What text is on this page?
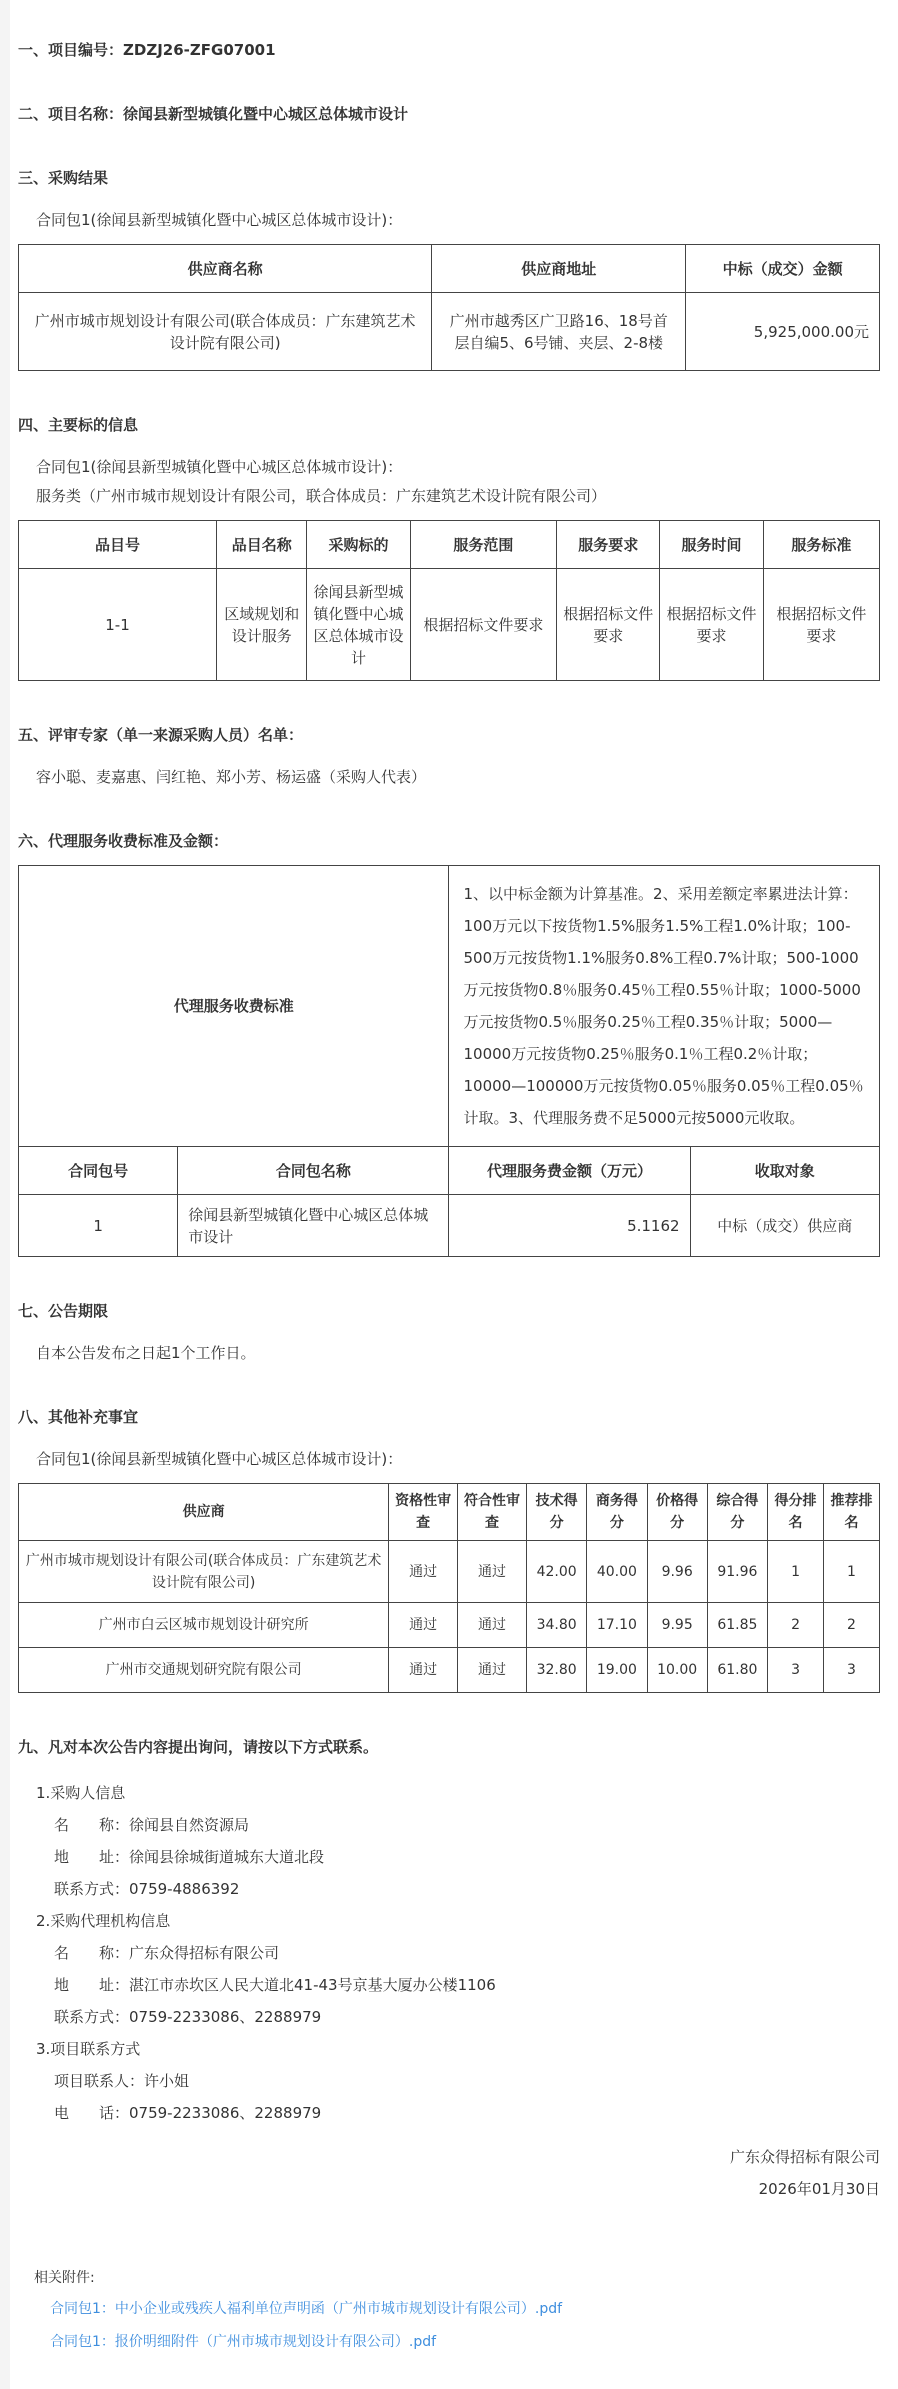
一、项目编号：ZDZJ26-ZFG07001
二、项目名称：徐闻县新型城镇化暨中心城区总体城市设计
三、采购结果
合同包1(徐闻县新型城镇化暨中心城区总体城市设计)：
供应商名称	供应商地址	中标（成交）金额
广州市城市规划设计有限公司(联合体成员：广东建筑艺术设计院有限公司)	广州市越秀区广卫路16、18号首层自编5、6号铺、夹层、2-8楼	5,925,000.00元
四、主要标的信息
合同包1(徐闻县新型城镇化暨中心城区总体城市设计)：
服务类（广州市城市规划设计有限公司，联合体成员：广东建筑艺术设计院有限公司）
品目号	品目名称	采购标的	服务范围	服务要求	服务时间	服务标准
1-1	区域规划和设计服务	徐闻县新型城镇化暨中心城区总体城市设计	根据招标文件要求	根据招标文件要求	根据招标文件要求	根据招标文件要求
五、评审专家（单一来源采购人员）名单：
容小聪、麦嘉惠、闫红艳、郑小芳、杨运盛（采购人代表）
六、代理服务收费标准及金额：
代理服务收费标准		1、以中标金额为计算基准。2、采用差额定率累进法计算：100万元以下按货物1.5%服务1.5%工程1.0%计取；100-500万元按货物1.1%服务0.8%工程0.7%计取；500-1000万元按货物0.8％服务0.45％工程0.55％计取；1000-5000万元按货物0.5％服务0.25％工程0.35％计取；5000—10000万元按货物0.25％服务0.1％工程0.2％计取；10000—100000万元按货物0.05％服务0.05％工程0.05％计取。3、代理服务费不足5000元按5000元收取。	
合同包号	合同包名称	代理服务费金额（万元）	收取对象
1	徐闻县新型城镇化暨中心城区总体城市设计	5.1162	中标（成交）供应商
七、公告期限
自本公告发布之日起1个工作日。
八、其他补充事宜
合同包1(徐闻县新型城镇化暨中心城区总体城市设计)：
供应商	资格性审查	符合性审查	技术得分	商务得分	价格得分	综合得分	得分排名	推荐排名
广州市城市规划设计有限公司(联合体成员：广东建筑艺术设计院有限公司)	通过	通过	42.00	40.00	9.96	91.96	1	1
广州市白云区城市规划设计研究所	通过	通过	34.80	17.10	9.95	61.85	2	2
广州市交通规划研究院有限公司	通过	通过	32.80	19.00	10.00	61.80	3	3
九、凡对本次公告内容提出询问，请按以下方式联系。
1.采购人信息
名　　称：徐闻县自然资源局
地　　址：徐闻县徐城街道城东大道北段
联系方式：0759-4886392
2.采购代理机构信息
名　　称：广东众得招标有限公司
地　　址：湛江市赤坎区人民大道北41-43号京基大厦办公楼1106
联系方式：0759-2233086、2288979
3.项目联系方式
项目联系人：许小姐
电　　话：0759-2233086、2288979
广东众得招标有限公司
2026年01月30日
相关附件:
合同包1：中小企业或残疾人福利单位声明函（广州市城市规划设计有限公司）.pdf
合同包1：报价明细附件（广州市城市规划设计有限公司）.pdf
